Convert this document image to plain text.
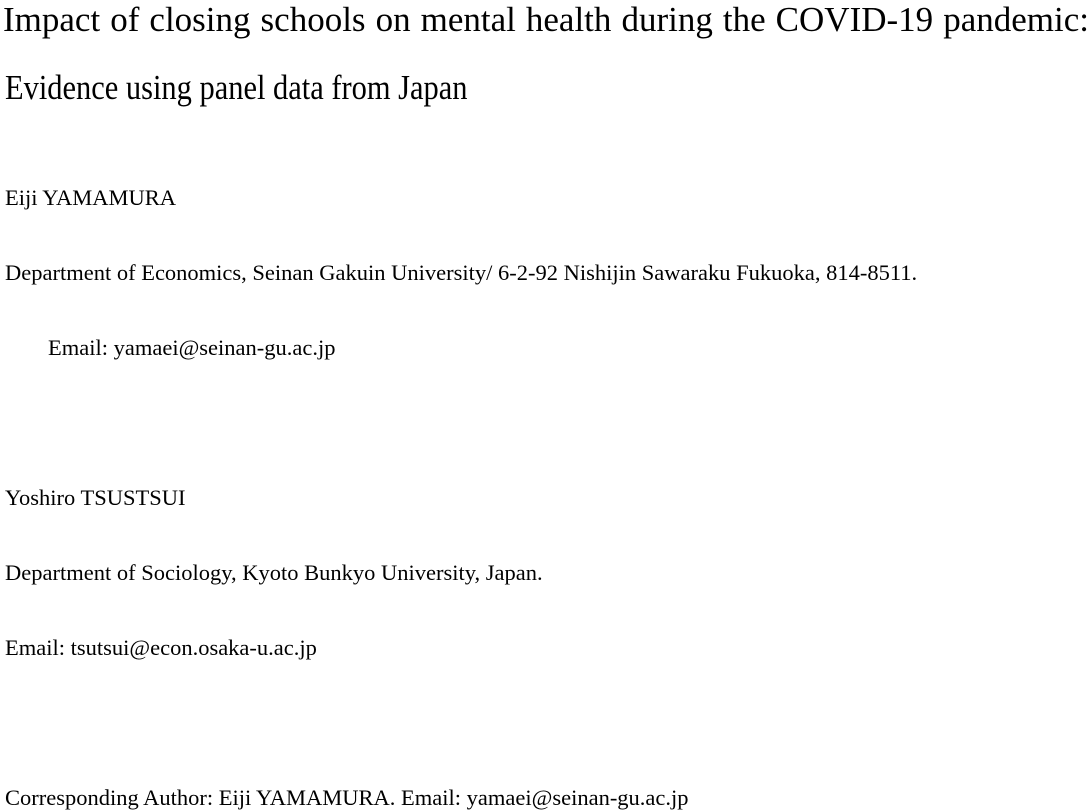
Impact of closing schools on mental health during the COVID-19 pandemic:
Evidence using panel data from Japan
Eiji YAMAMURA
Department of Economics, Seinan Gakuin University/ 6-2-92 Nishijin Sawaraku Fukuoka, 814-8511.
Email: yamaei@seinan-gu.ac.jp
Yoshiro TSUSTSUI
Department of Sociology, Kyoto Bunkyo University, Japan.
Email: tsutsui@econ.osaka-u.ac.jp
Corresponding Author: Eiji YAMAMURA. Email: yamaei@seinan-gu.ac.jp
